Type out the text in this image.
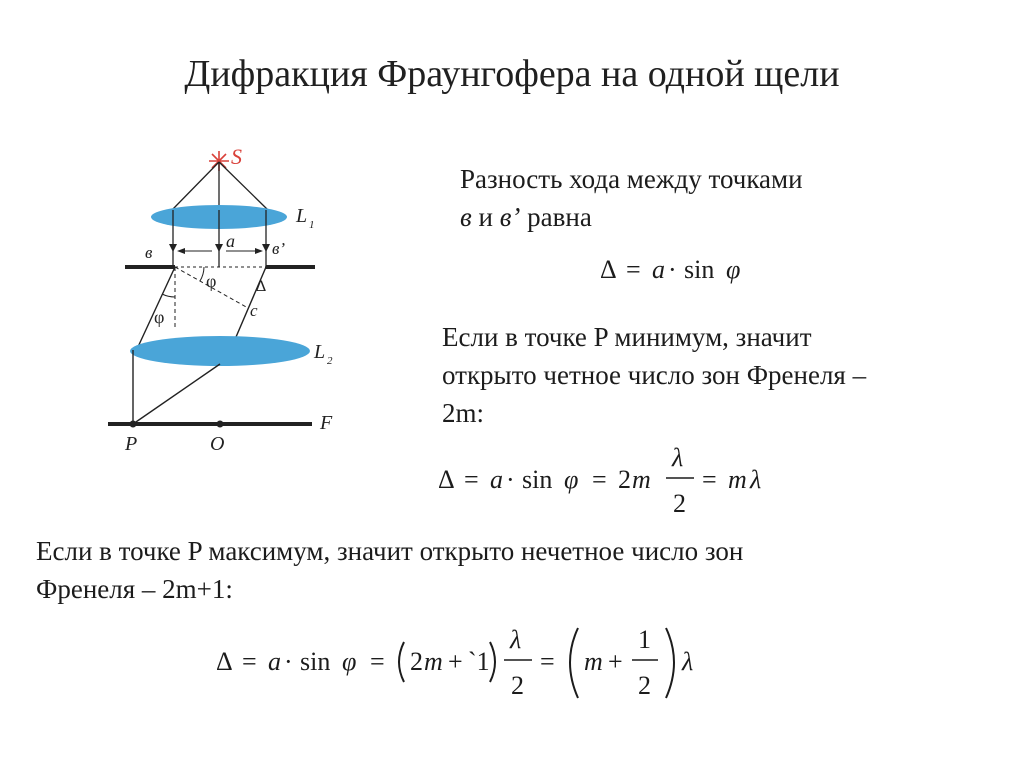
Дифракция Фраунгофера на одной щели
S
L 1
a
в	в’
φ
φ
Δ
c
L 2
P	O
F
Разность хода между точками
в и в’ равна
Δ = a · sin φ
Если в точке P минимум, значит
открыто четное число зон Френеля –
2m:
Δ = a · sin φ = 2 m
λ
2
= m λ
Если в точке P максимум, значит открыто нечетное число зон
Френеля – 2m+1:
Δ = a · sin φ = 2 m + `1
λ
2
= m +
1
2
λ
